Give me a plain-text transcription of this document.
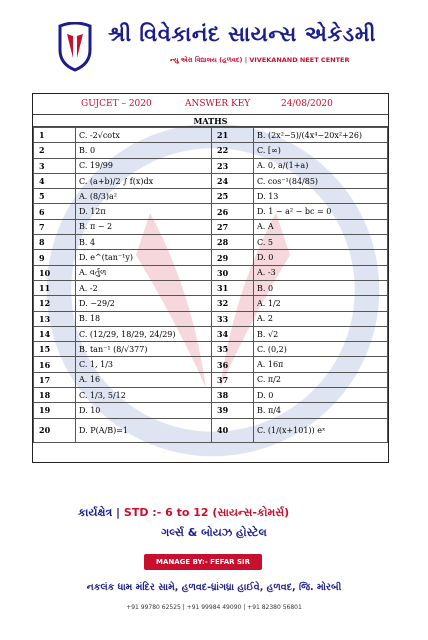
શ્રી વિવેકાનંદ સાયન્સ એકેડમી
ન્યુ એરા વિદ્યાલય (હળવદ) | VIVEKANAND NEET CENTER
GUJCET – 2020	ANSWER KEY	24/08/2020
MATHS
1	C. -2√cotx	21	B. (2x²−5)/(4x⁴−20x²+26)
2	B. 0	22	C. [∞)
3	C. 19/99	23	A. 0, a/(1+a)
4	C. (a+b)/2 ∫ f(x)dx	24	C. cos⁻¹(84/85)
5	A. (8/3)a²	25	D. 13
6	D. 12π	26	D. 1 − a² − bc = 0
7	B. π − 2	27	A. A
8	B. 4	28	C. 5
9	D. e^(tan⁻¹y)	29	D. 0
10	A. વર્તુળ	30	A. -3
11	A. -2	31	B. 0
12	D. −29/2	32	A. 1/2
13	B. 18	33	A. 2
14	C. (12/29, 18/29, 24/29)	34	B. √2
15	B. tan⁻¹ (8/√377)	35	C. (0,2)
16	C. 1, 1/3	36	A. 16π
17	A. 16	37	C. π/2
18	C. 1/3, 5/12	38	D. 0
19	D. 10	39	B. π/4
20	D. P(A/B)=1	40	C. (1/(x+101)) eˣ
કાર્યક્ષેત્ર | STD :- 6 to 12 (સાયન્સ-કોમર્સ)
ગર્લ્સ & બોયઝ હોસ્ટેલ
MANAGE BY:- FEFAR SIR
નકલંક ધામ મંદિર સામે, હળવદ-ધ્રાંગધ્રા હાઈવે, હળવદ, જિ. મોરબી
+91 99780 62525 | +91 99984 49090 | +91 82380 56801
